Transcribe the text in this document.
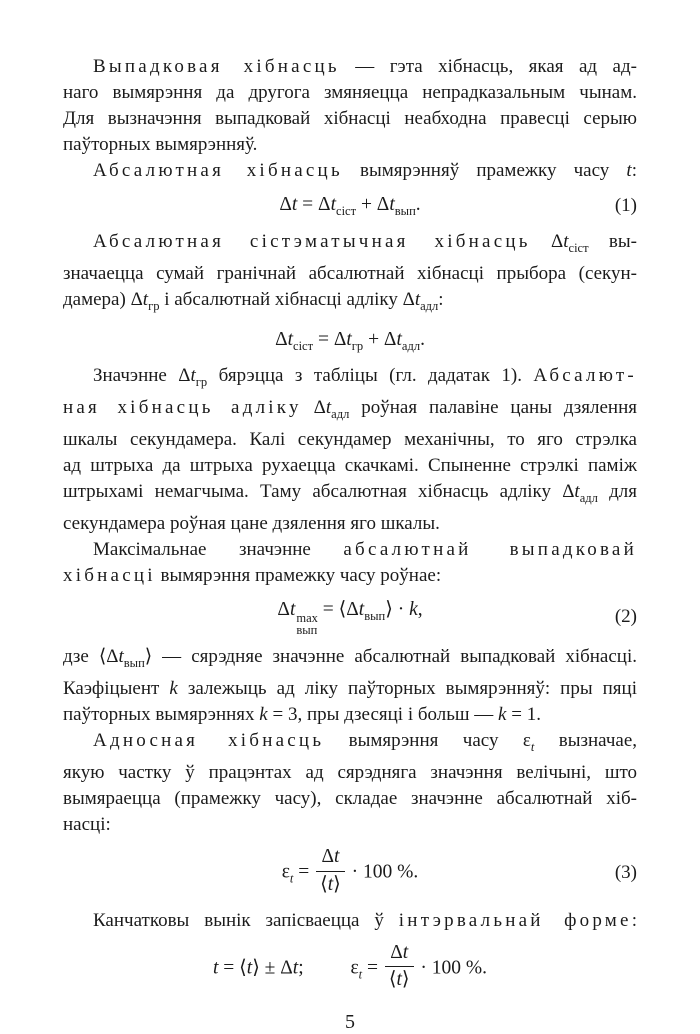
Выпадковая хібнасць — гэта хібнасць, якая ад ад-
наго вымярэння да другога змяняецца непрадказальным чынам.
Для вызначэння выпадковай хібнасці неабходна правесці серыю
паўторных вымярэнняў.
Абсалютная хібнасць вымярэнняў прамежку часу t:
$\Delta t = \Delta t_{сіст} + \Delta t_{вып}$.	(1)
Абсалютная сістэматычная хібнасць $\Delta t_{сіст}$ вы-
значаецца сумай гранічнай абсалютнай хібнасці прыбора (секун-
дамера) $\Delta t_{гр}$ і абсалютнай хібнасці адліку $\Delta t_{адл}$:
$\Delta t_{сіст} = \Delta t_{гр} + \Delta t_{адл}$.
Значэнне $\Delta t_{гр}$ бярэцца з табліцы (гл. дадатак 1). Абсалют-
ная хібнасць адліку $\Delta t_{адл}$ роўная палавіне цаны дзялення
шкалы секундамера. Калі секундамер механічны, то яго стрэлка
ад штрыха да штрыха рухаецца скачкамі. Спыненне стрэлкі паміж
штрыхамі немагчыма. Таму абсалютная хібнасць адліку $\Delta t_{адл}$ для
секундамера роўная цане дзялення яго шкалы.
Максімальнае значэнне абсалютнай выпадковай
хібнасці вымярэння прамежку часу роўнае:
Δt max
вып
= $⟨\Delta t_{вып}⟩ \cdot k$,	(2)
дзе $⟨\Delta t_{вып}⟩$ — сярэдняе значэнне абсалютнай выпадковай хібнасці.
Каэфіцыент k залежыць ад ліку паўторных вымярэнняў: пры пяці
паўторных вымярэннях k = 3, пры дзесяці і больш — k = 1.
Адносная хібнасць вымярэння часу $\varepsilon_t$ вызначае,
якую частку ў працэнтах ад сярэдняга значэння велічыні, што
вымяраецца (прамежку часу), складае значэнне абсалютнай хіб-
насці:
$\varepsilon_t = \frac{\Delta t}{⟨t⟩} \cdot 100$ %.	(3)
Канчатковы вынік запісваецца ў інтэрвальнай форме:
t = ⟨t⟩ ± Δt; $\varepsilon_t = \frac{\Delta t}{⟨t⟩} \cdot 100$ %.
5
